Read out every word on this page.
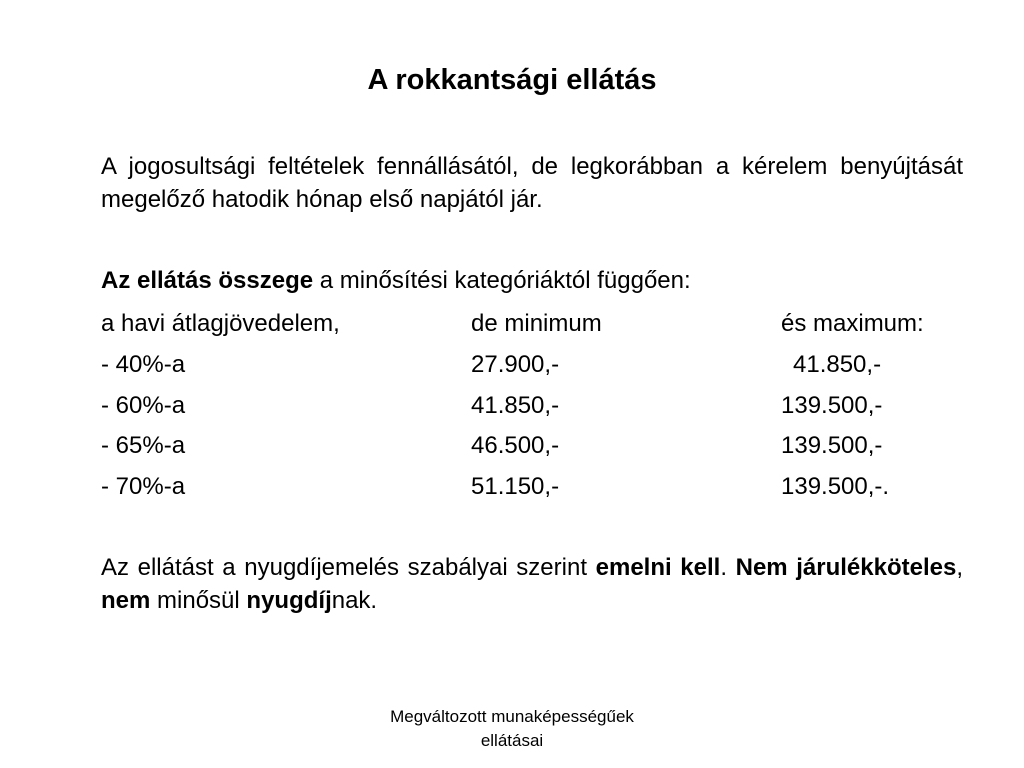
A rokkantsági ellátás
A jogosultsági feltételek fennállásától, de legkorábban a kérelem benyújtását megelőző hatodik hónap első napjától jár.
Az ellátás összege a minősítési kategóriáktól függően:
a havi átlagjövedelem,	de minimum	és maximum:
- 40%-a	27.900,-	41.850,-
- 60%-a	41.850,-	139.500,-
- 65%-a	46.500,-	139.500,-
- 70%-a	51.150,-	139.500,-.
Az ellátást a nyugdíjemelés szabályai szerint emelni kell. Nem járulékköteles, nem minősül nyugdíjnak.
Megváltozott munaképességűek
ellátásai
